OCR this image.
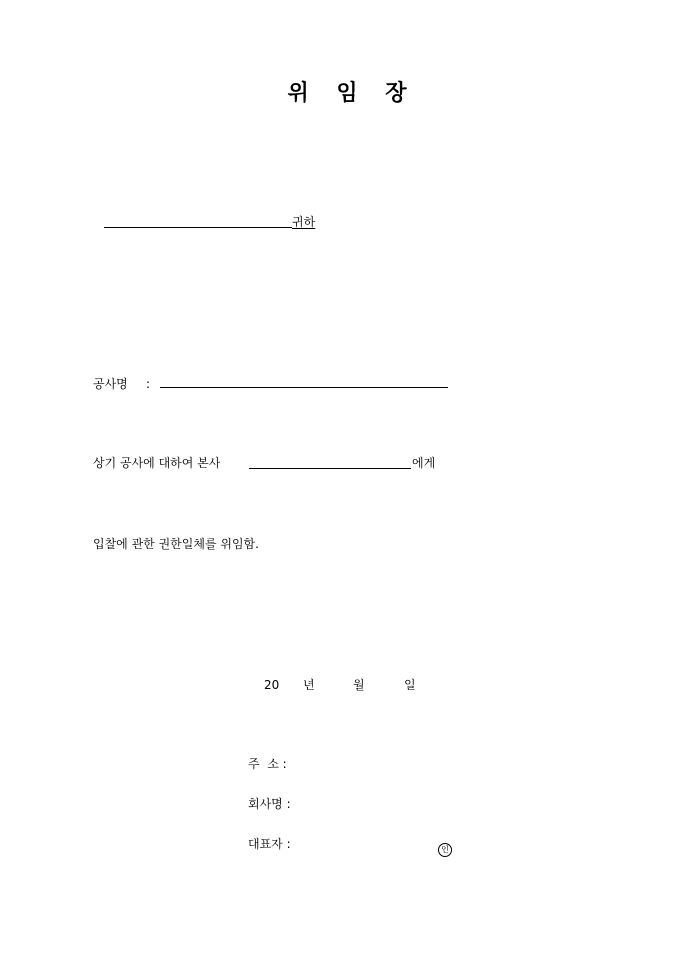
위 임 장
귀하
공사명 :
상기 공사에 대하여 본사	에게
입찰에 관한 권한일체를 위임함.
20 년	월	일
주  소 :
회사명 :
대표자 :	인
